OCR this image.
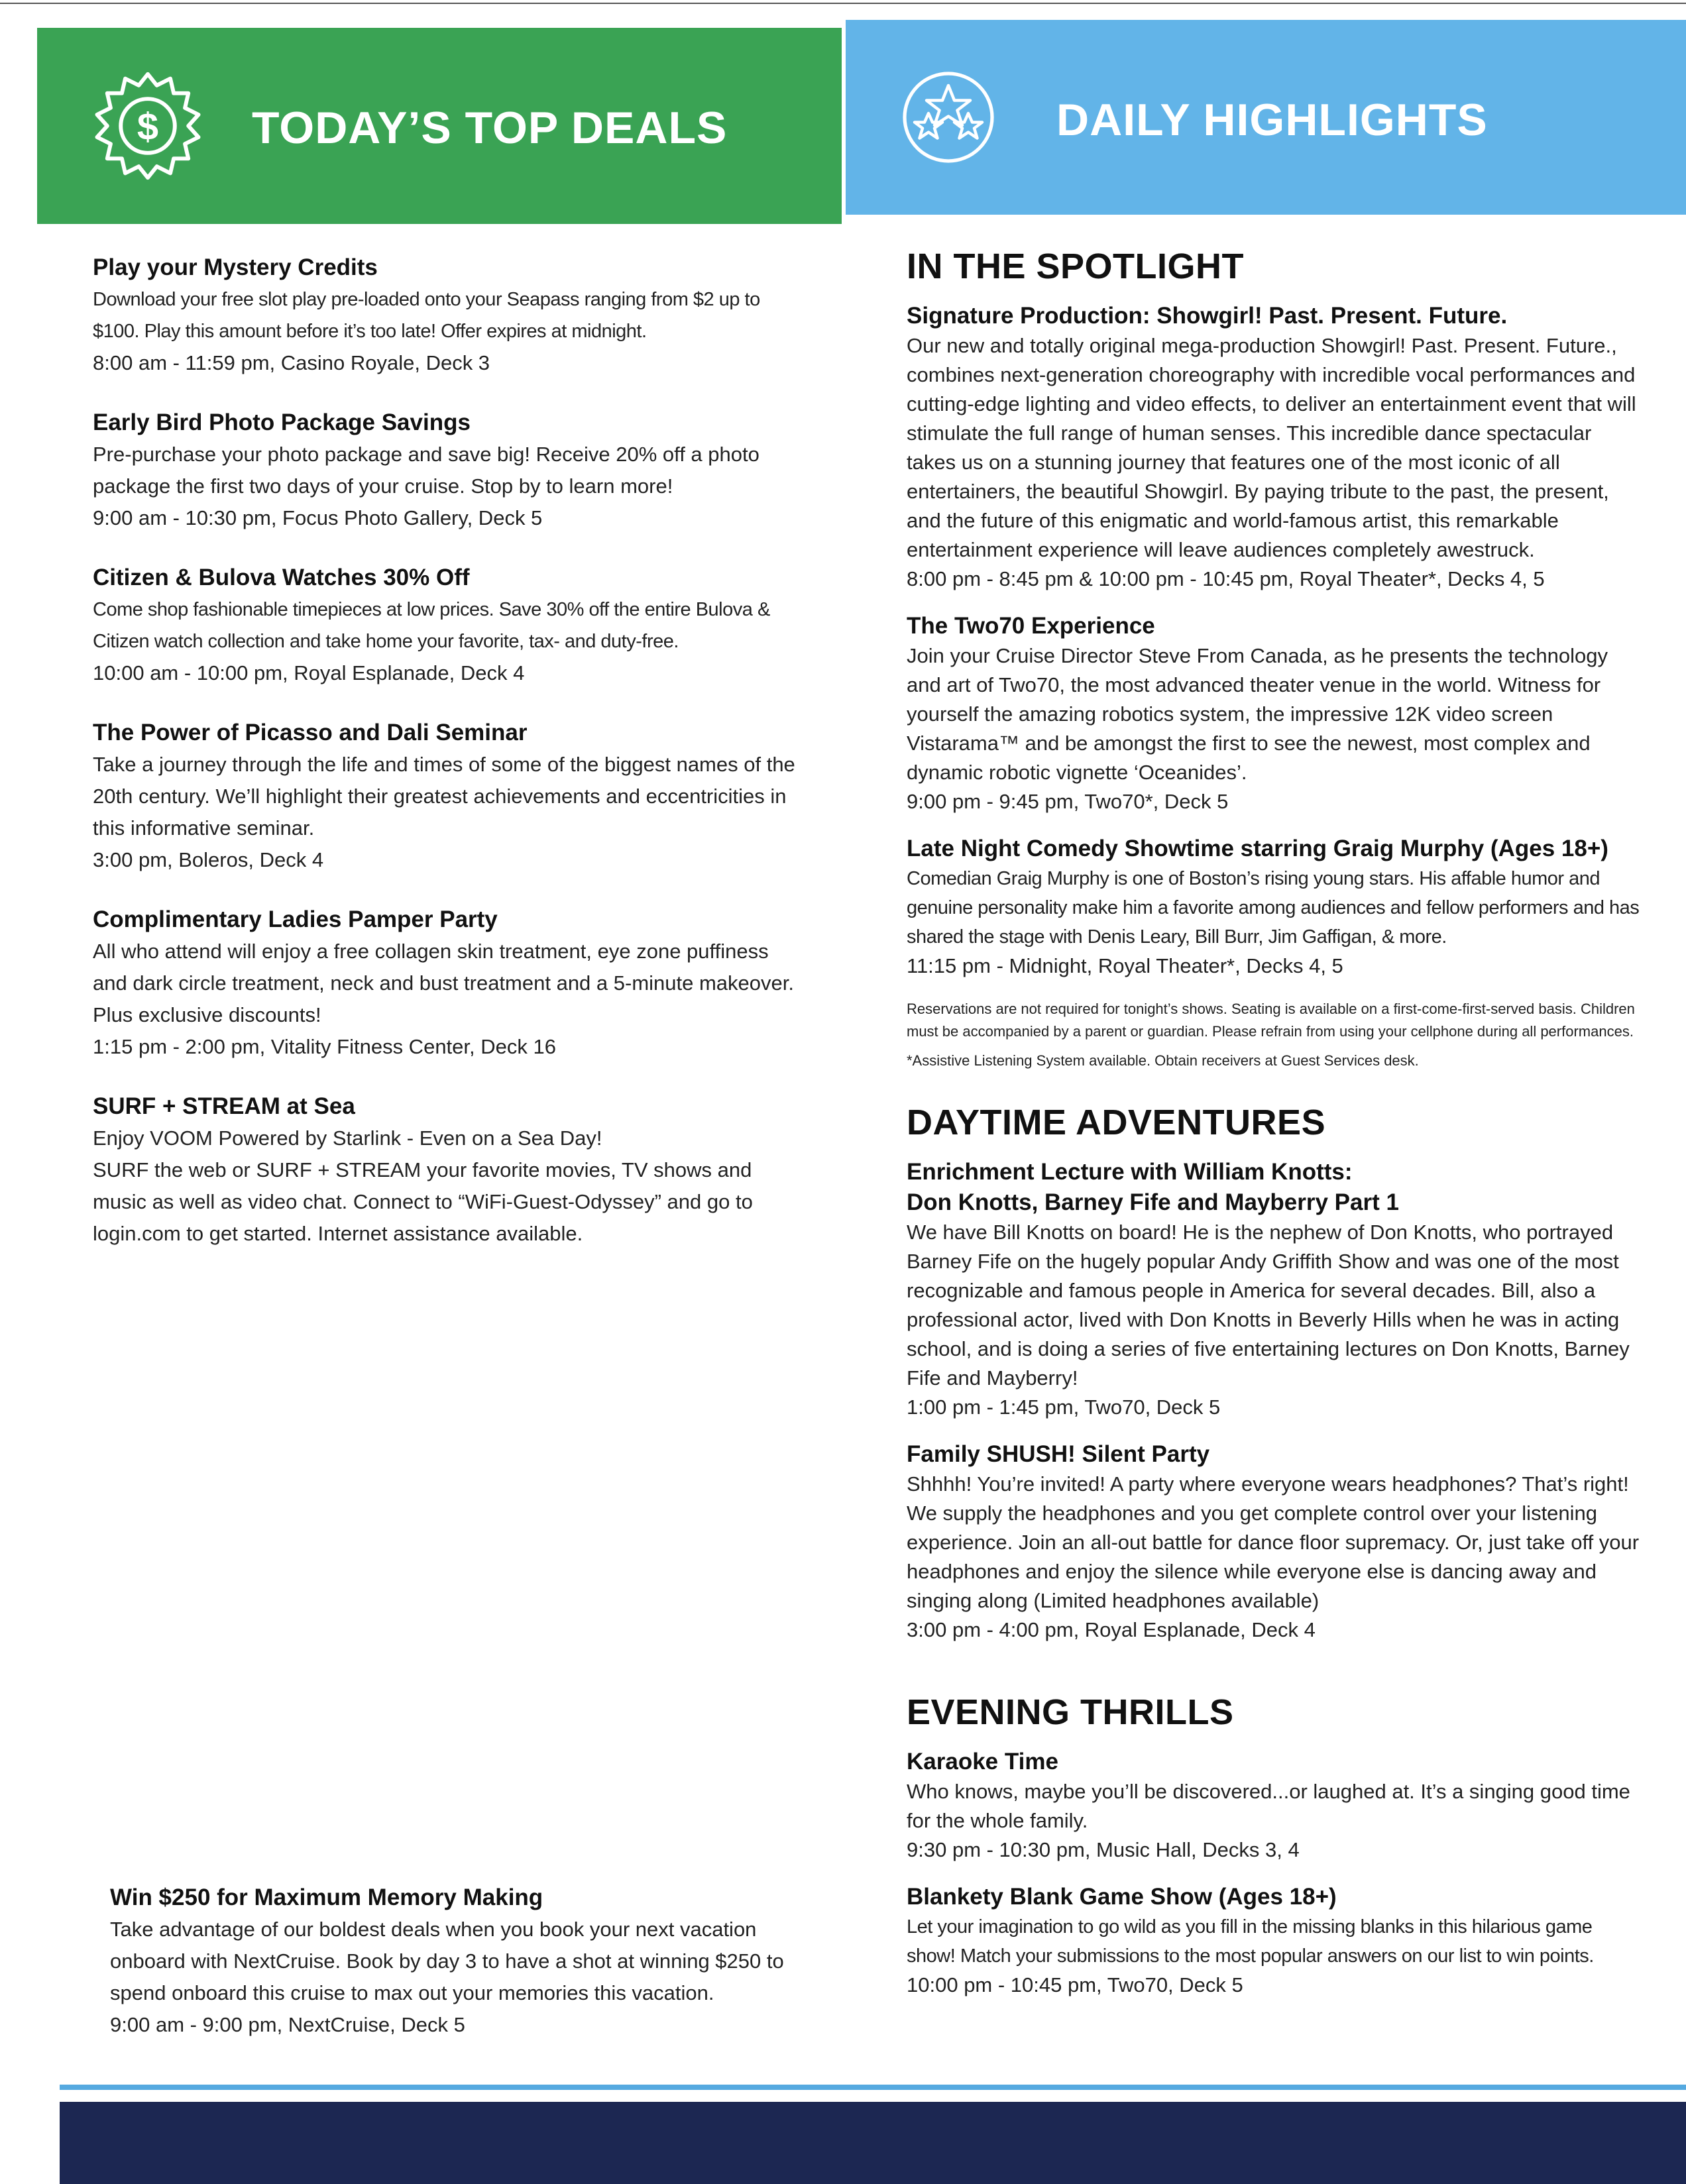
$ TODAY’S TOP DEALS	DAILY HIGHLIGHTS
Play your Mystery Credits
Download your free slot play pre-loaded onto your Seapass ranging from $2 up to $100. Play this amount before it’s too late! Offer expires at midnight.
8:00 am - 11:59 pm, Casino Royale, Deck 3
Early Bird Photo Package Savings
Pre-purchase your photo package and save big! Receive 20% off a photo package the first two days of your cruise. Stop by to learn more!
9:00 am - 10:30 pm, Focus Photo Gallery, Deck 5
Citizen & Bulova Watches 30% Off
Come shop fashionable timepieces at low prices. Save 30% off the entire Bulova & Citizen watch collection and take home your favorite, tax- and duty-free.
10:00 am - 10:00 pm, Royal Esplanade, Deck 4
The Power of Picasso and Dali Seminar
Take a journey through the life and times of some of the biggest names of the 20th century. We’ll highlight their greatest achievements and eccentricities in this informative seminar.
3:00 pm, Boleros, Deck 4
Complimentary Ladies Pamper Party
All who attend will enjoy a free collagen skin treatment, eye zone puffiness and dark circle treatment, neck and bust treatment and a 5-minute makeover. Plus exclusive discounts!
1:15 pm - 2:00 pm, Vitality Fitness Center, Deck 16
SURF + STREAM at Sea
Enjoy VOOM Powered by Starlink - Even on a Sea Day!
SURF the web or SURF + STREAM your favorite movies, TV shows and music as well as video chat. Connect to “WiFi-Guest-Odyssey” and go to login.com to get started. Internet assistance available.
Win $250 for Maximum Memory Making
Take advantage of our boldest deals when you book your next vacation onboard with NextCruise. Book by day 3 to have a shot at winning $250 to spend onboard this cruise to max out your memories this vacation.
9:00 am - 9:00 pm, NextCruise, Deck 5
IN THE SPOTLIGHT
Signature Production: Showgirl! Past. Present. Future.
Our new and totally original mega-production Showgirl! Past. Present. Future., combines next-generation choreography with incredible vocal performances and cutting-edge lighting and video effects, to deliver an entertainment event that will stimulate the full range of human senses. This incredible dance spectacular takes us on a stunning journey that features one of the most iconic of all entertainers, the beautiful Showgirl. By paying tribute to the past, the present, and the future of this enigmatic and world-famous artist, this remarkable entertainment experience will leave audiences completely awestruck.
8:00 pm - 8:45 pm & 10:00 pm - 10:45 pm, Royal Theater*, Decks 4, 5
The Two70 Experience
Join your Cruise Director Steve From Canada, as he presents the technology and art of Two70, the most advanced theater venue in the world. Witness for yourself the amazing robotics system, the impressive 12K video screen Vistarama™ and be amongst the first to see the newest, most complex and dynamic robotic vignette ‘Oceanides’.
9:00 pm - 9:45 pm, Two70*, Deck 5
Late Night Comedy Showtime starring Graig Murphy (Ages 18+)
Comedian Graig Murphy is one of Boston’s rising young stars. His affable humor and genuine personality make him a favorite among audiences and fellow performers and has shared the stage with Denis Leary, Bill Burr, Jim Gaffigan, & more.
11:15 pm - Midnight, Royal Theater*, Decks 4, 5
Reservations are not required for tonight’s shows. Seating is available on a first-come-first-served basis. Children must be accompanied by a parent or guardian. Please refrain from using your cellphone during all performances.
*Assistive Listening System available. Obtain receivers at Guest Services desk.
DAYTIME ADVENTURES
Enrichment Lecture with William Knotts:
Don Knotts, Barney Fife and Mayberry Part 1
We have Bill Knotts on board! He is the nephew of Don Knotts, who portrayed Barney Fife on the hugely popular Andy Griffith Show and was one of the most recognizable and famous people in America for several decades. Bill, also a professional actor, lived with Don Knotts in Beverly Hills when he was in acting school, and is doing a series of five entertaining lectures on Don Knotts, Barney Fife and Mayberry!
1:00 pm - 1:45 pm, Two70, Deck 5
Family SHUSH! Silent Party
Shhhh! You’re invited! A party where everyone wears headphones? That’s right! We supply the headphones and you get complete control over your listening experience. Join an all-out battle for dance floor supremacy. Or, just take off your headphones and enjoy the silence while everyone else is dancing away and singing along (Limited headphones available)
3:00 pm - 4:00 pm, Royal Esplanade, Deck 4
EVENING THRILLS
Karaoke Time
Who knows, maybe you’ll be discovered...or laughed at. It’s a singing good time for the whole family.
9:30 pm - 10:30 pm, Music Hall, Decks 3, 4
Blankety Blank Game Show (Ages 18+)
Let your imagination to go wild as you fill in the missing blanks in this hilarious game show! Match your submissions to the most popular answers on our list to win points.
10:00 pm - 10:45 pm, Two70, Deck 5
